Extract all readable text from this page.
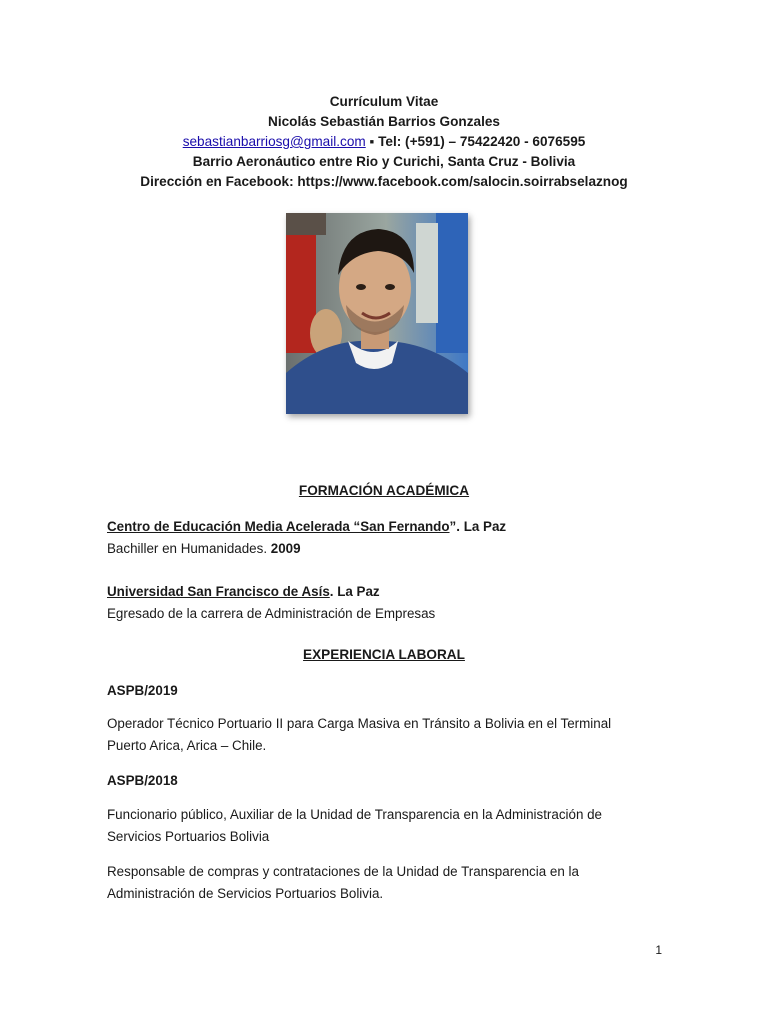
Currículum Vitae
Nicolás Sebastián Barrios Gonzales
sebastianbarriosg@gmail.com ▪ Tel: (+591) – 75422420 - 6076595
Barrio Aeronáutico entre Rio y Curichi, Santa Cruz - Bolivia
Dirección en Facebook: https://www.facebook.com/salocin.soirrabselaznog
FORMACIÓN ACADÉMICA
Centro de Educación Media Acelerada “San Fernando”. La Paz
Bachiller en Humanidades. 2009
Universidad San Francisco de Asís. La Paz
Egresado de la carrera de Administración de Empresas
EXPERIENCIA LABORAL
ASPB/2019
Operador Técnico Portuario II para Carga Masiva en Tránsito a Bolivia en el Terminal Puerto Arica, Arica – Chile.
ASPB/2018
Funcionario público, Auxiliar de la Unidad de Transparencia en la Administración de Servicios Portuarios Bolivia
Responsable de compras y contrataciones de la Unidad de Transparencia en la Administración de Servicios Portuarios Bolivia.
1
